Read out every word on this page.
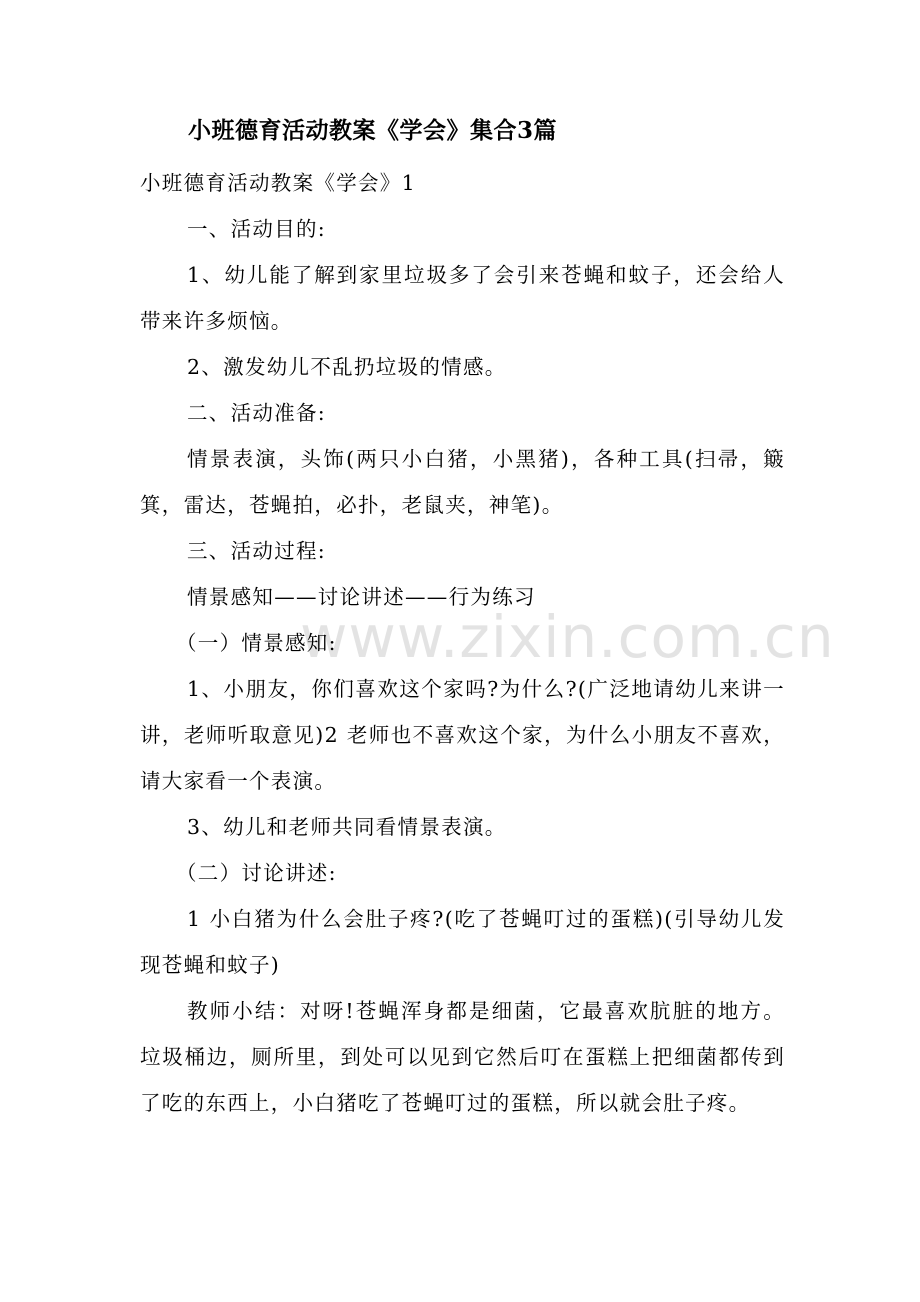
www.zixin.com.cn
小班德育活动教案《学会》集合3篇

小班德育活动教案《学会》1

一、活动目的:

1、幼儿能了解到家里垃圾多了会引来苍蝇和蚊子，还会给人带来许多烦恼。

2、激发幼儿不乱扔垃圾的情感。

二、活动准备:

情景表演，头饰(两只小白猪，小黑猪)，各种工具(扫帚，簸箕，雷达，苍蝇拍，必扑，老鼠夹，神笔)。

三、活动过程:

情景感知——讨论讲述——行为练习

（一）情景感知:

1、小朋友，你们喜欢这个家吗?为什么?(广泛地请幼儿来讲一讲，老师听取意见)2 老师也不喜欢这个家，为什么小朋友不喜欢，请大家看一个表演。

3、幼儿和老师共同看情景表演。

（二）讨论讲述:

1 小白猪为什么会肚子疼?(吃了苍蝇叮过的蛋糕)(引导幼儿发现苍蝇和蚊子)

教师小结：对呀!苍蝇浑身都是细菌，它最喜欢肮脏的地方。垃圾桶边，厕所里，到处可以见到它然后叮在蛋糕上把细菌都传到了吃的东西上，小白猪吃了苍蝇叮过的蛋糕，所以就会肚子疼。
